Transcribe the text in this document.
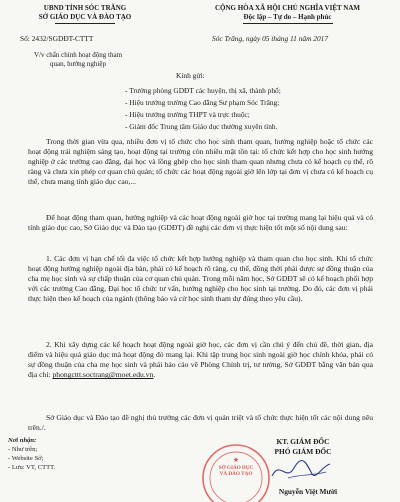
UBND TỈNH SÓC TRĂNG
SỞ GIÁO DỤC VÀ ĐÀO TẠO
CỘNG HÒA XÃ HỘI CHỦ NGHĨA VIỆT NAM
Độc lập – Tự do – Hạnh phúc
Số: 2432/SGDĐT-CTTT	Sóc Trăng, ngày 05 tháng 11 năm 2017
V/v chấn chỉnh hoạt động tham
quan, hướng nghiệp
Kính gửi:
- Trưởng phòng GDĐT các huyện, thị xã, thành phố;
- Hiệu trưởng trường Cao đẳng Sư phạm Sóc Trăng;
- Hiệu trưởng trường THPT và trực thuộc;
- Giám đốc Trung tâm Giáo dục thường xuyên tỉnh.
Trong thời gian vừa qua, nhiều đơn vị tổ chức cho học sinh tham quan, hướng nghiệp hoặc tổ chức các hoạt động trải nghiệm sáng tạo, hoạt động tại trường còn nhiều mặt tồn tại: tổ chức kết hợp cho học sinh hướng nghiệp ở các trường cao đẳng, đại học và lồng ghép cho học sinh tham quan nhưng chưa có kế hoạch cụ thể, rõ ràng và chưa xin phép cơ quan chủ quản; tổ chức các hoạt động ngoài giờ lên lớp tại đơn vị chưa có kế hoạch cụ thể, chưa mang tính giáo dục cao,...
Để hoạt động tham quan, hướng nghiệp và các hoạt động ngoài giờ học tại trường mang lại hiệu quả và có tính giáo dục cao, Sở Giáo dục và Đào tạo (GDĐT) đề nghị các đơn vị thực hiện tốt một số nội dung sau:
1. Các đơn vị hạn chế tối đa việc tổ chức kết hợp hướng nghiệp và tham quan cho học sinh. Khi tổ chức hoạt động hướng nghiệp ngoài địa bàn, phải có kế hoạch rõ ràng, cụ thể, đồng thời phải được sự đồng thuận của cha mẹ học sinh và sự chấp thuận của cơ quan chủ quản. Trong mỗi năm học, Sở GDĐT sẽ có kế hoạch phối hợp với các trường Cao đẳng, Đại học tổ chức tư vấn, hướng nghiệp cho học sinh tại trường. Do đó, các đơn vị phải thực hiện theo kế hoạch của ngành (thông báo và cử học sinh tham dự đúng theo yêu cầu).
2. Khi xây dựng các kế hoạch hoạt động ngoài giờ học, các đơn vị cần chú ý đến chủ đề, thời gian, địa điểm và hiệu quả giáo dục mà hoạt động đó mang lại. Khi tập trung học sinh ngoài giờ học chính khóa, phải có sự đồng thuận của cha mẹ học sinh và phải báo cáo về Phòng Chính trị, tư tưởng, Sở GDĐT bằng văn bản qua địa chỉ: phongcttt.soctrang@moet.edu.vn.
Sở Giáo dục và Đào tạo đề nghị thủ trưởng các đơn vị quán triệt và tổ chức thực hiện tốt các nội dung nêu trên./.
Nơi nhận:
- Như trên;
- Website Sở;
- Lưu: VT, CTTT.
KT. GIÁM ĐỐC
PHÓ GIÁM ĐỐC
★
SỞ GIÁO DỤC VÀ ĐÀO TẠO
Nguyễn Việt Mười
